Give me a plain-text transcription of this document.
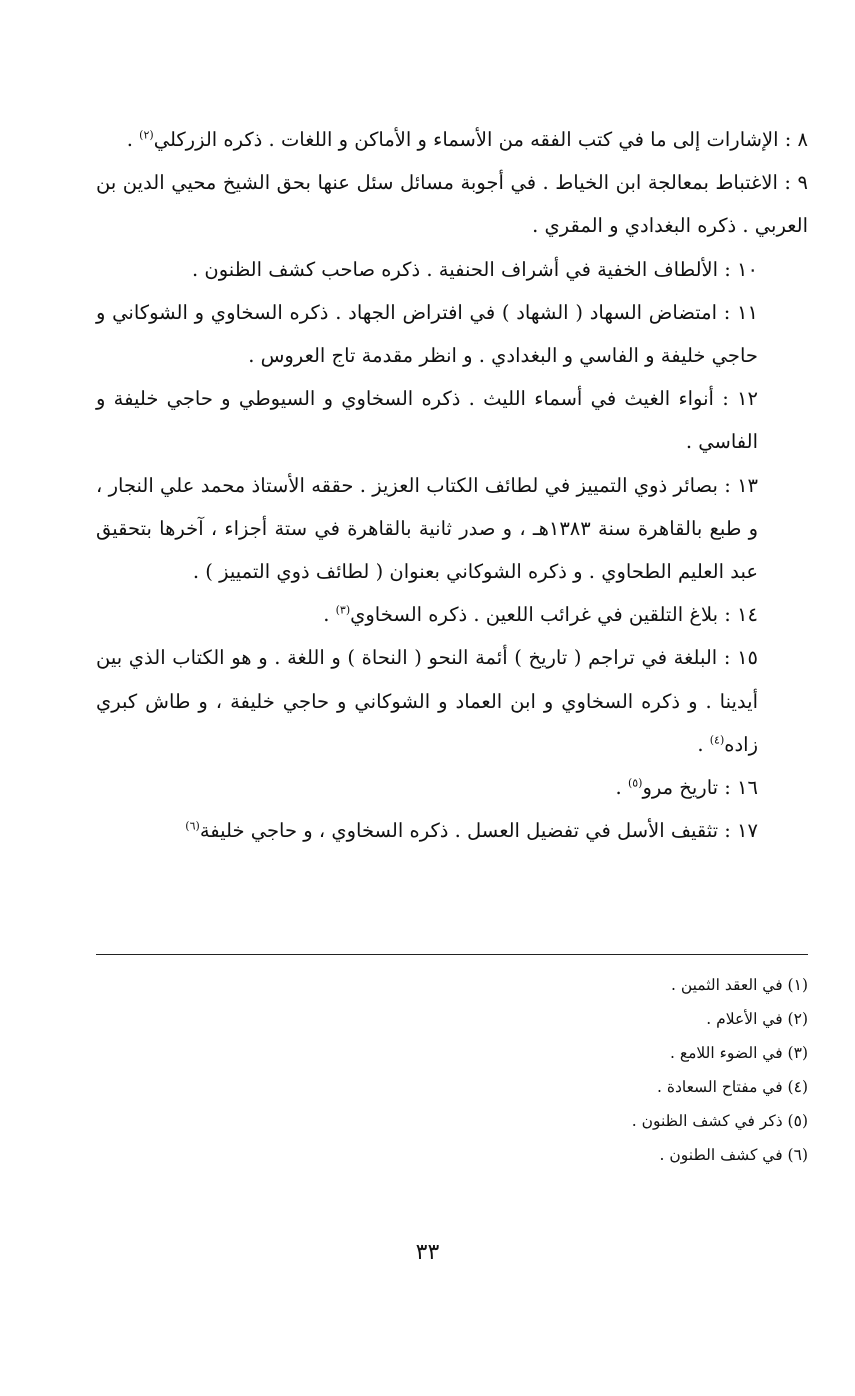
٨ : الإشارات إلى ما في كتب الفقه من الأسماء و الأماكن و اللغات . ذكره الزركلي$^{(٢)}$ .

٩ : الاغتباط بمعالجة ابن الخياط . في أجوبة مسائل سئل عنها بحق الشيخ محيي الدين بن العربي . ذكره البغدادي و المقري .

١٠ : الألطاف الخفية في أشراف الحنفية . ذكره صاحب كشف الظنون .

١١ : امتضاض السهاد ( الشهاد ) في افتراض الجهاد . ذكره السخاوي و الشوكاني و حاجي خليفة و الفاسي و البغدادي . و انظر مقدمة تاج العروس .

١٢ : أنواء الغيث في أسماء الليث . ذكره السخاوي و السيوطي و حاجي خليفة و الفاسي .

١٣ : بصائر ذوي التمييز في لطائف الكتاب العزيز . حققه الأستاذ محمد علي النجار ، و طبع بالقاهرة سنة ١٣٨٣هـ ، و صدر ثانية بالقاهرة في ستة أجزاء ، آخرها بتحقيق عبد العليم الطحاوي . و ذكره الشوكاني بعنوان ( لطائف ذوي التمييز ) .

١٤ : بلاغ التلقين في غرائب اللعين . ذكره السخاوي$^{(٣)}$ .

١٥ : البلغة في تراجم ( تاريخ ) أئمة النحو ( النحاة ) و اللغة . و هو الكتاب الذي بين أيدينا . و ذكره السخاوي و ابن العماد و الشوكاني و حاجي خليفة ، و طاش كبري زاده$^{(٤)}$ .

١٦ : تاريخ مرو$^{(٥)}$ .

١٧ : تثقيف الأسل في تفضيل العسل . ذكره السخاوي ، و حاجي خليفة$^{(٦)}$

(١) في العقد الثمين .

(٢) في الأعلام .

(٣) في الضوء اللامع .

(٤) في مفتاح السعادة .

(٥) ذكر في كشف الظنون .

(٦) في كشف الطنون .

٣٣
